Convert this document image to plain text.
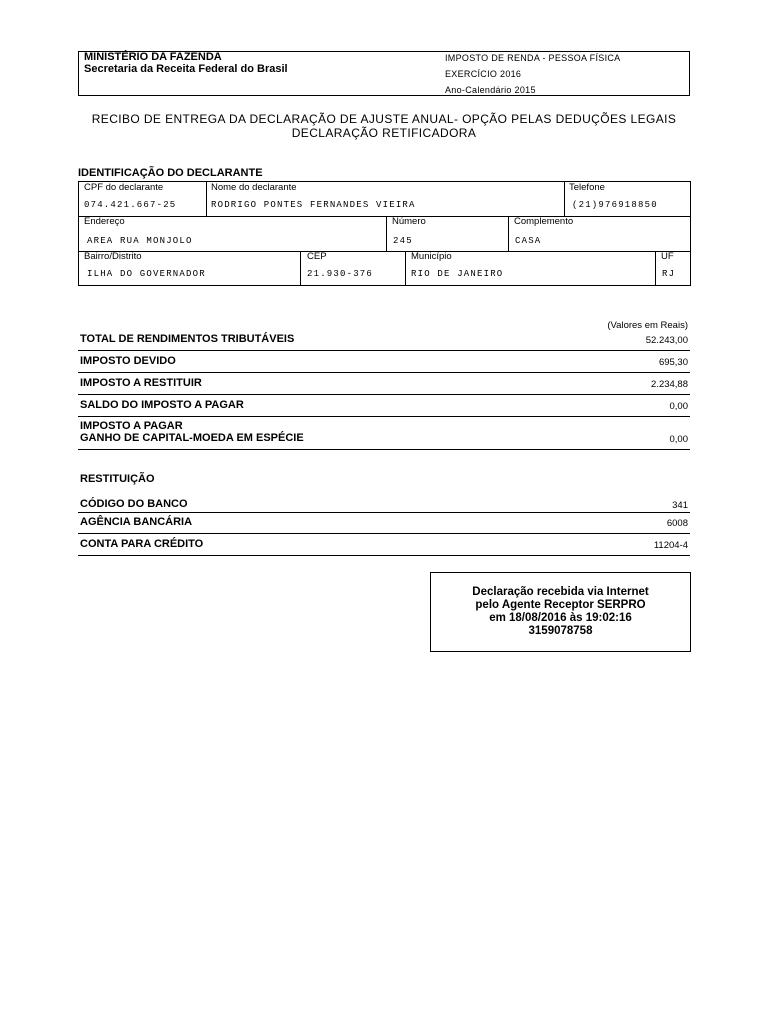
MINISTÉRIO DA FAZENDA
Secretaria da Receita Federal do Brasil
IMPOSTO DE RENDA - PESSOA FÍSICA
EXERCÍCIO 2016
Ano-Calendário 2015
RECIBO DE ENTREGA DA DECLARAÇÃO DE AJUSTE ANUAL- OPÇÃO PELAS DEDUÇÕES LEGAIS
DECLARAÇÃO RETIFICADORA
IDENTIFICAÇÃO DO DECLARANTE
CPF do declarante
074.421.667-25
Nome do declarante
RODRIGO PONTES FERNANDES VIEIRA
Telefone
(21)976918850
Endereço
AREA RUA MONJOLO
Número
245
Complemento
CASA
Bairro/Distrito
ILHA DO GOVERNADOR
CEP
21.930-376
Município
RIO DE JANEIRO
UF
RJ
(Valores em Reais)
TOTAL DE RENDIMENTOS TRIBUTÁVEIS	52.243,00
IMPOSTO DEVIDO	695,30
IMPOSTO A RESTITUIR	2.234,88
SALDO DO IMPOSTO A PAGAR	0,00
IMPOSTO A PAGAR
GANHO DE CAPITAL-MOEDA EM ESPÉCIE	0,00
RESTITUIÇÃO
CÓDIGO DO BANCO	341
AGÊNCIA BANCÁRIA	6008
CONTA PARA CRÉDITO	11204-4
Declaração recebida via Internet
pelo Agente Receptor SERPRO
em 18/08/2016 às 19:02:16
3159078758
